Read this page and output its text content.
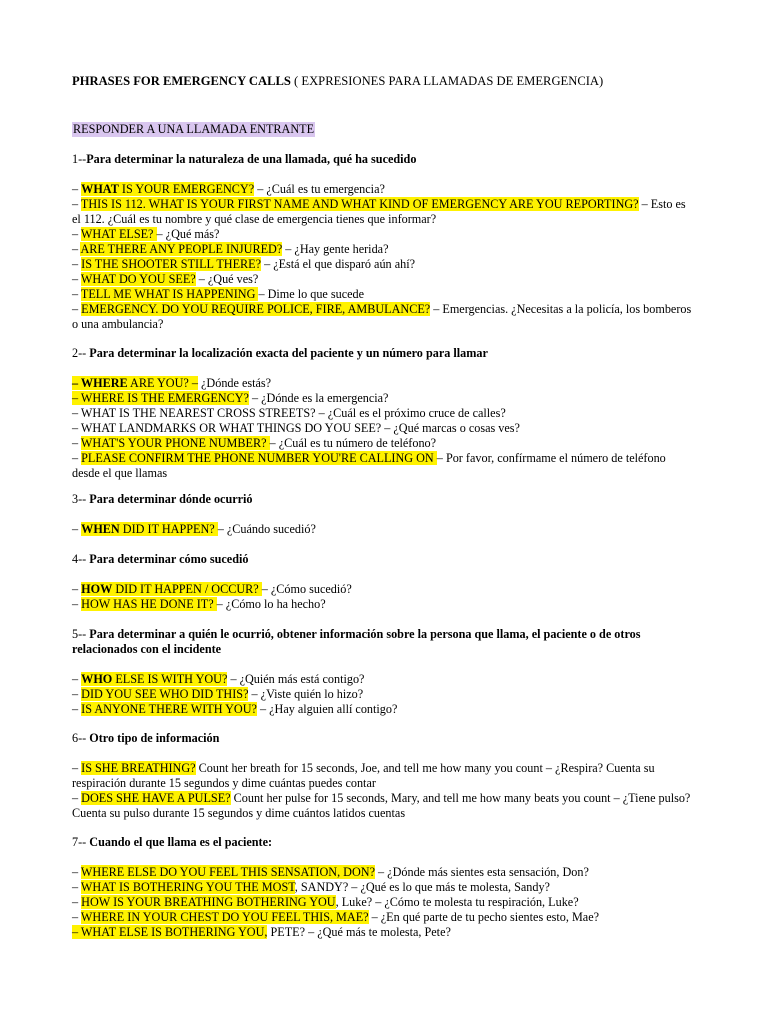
PHRASES FOR EMERGENCY CALLS ( EXPRESIONES PARA LLAMADAS DE EMERGENCIA)
RESPONDER A UNA LLAMADA ENTRANTE
1--Para determinar la naturaleza de una llamada, qué ha sucedido
– WHAT IS YOUR EMERGENCY? – ¿Cuál es tu emergencia?
– THIS IS 112. WHAT IS YOUR FIRST NAME AND WHAT KIND OF EMERGENCY ARE YOU REPORTING? – Esto es el 112. ¿Cuál es tu nombre y qué clase de emergencia tienes que informar?
– WHAT ELSE? – ¿Qué más?
– ARE THERE ANY PEOPLE INJURED? – ¿Hay gente herida?
– IS THE SHOOTER STILL THERE? – ¿Está el que disparó aún ahí?
– WHAT DO YOU SEE? – ¿Qué ves?
– TELL ME WHAT IS HAPPENING – Dime lo que sucede
– EMERGENCY. DO YOU REQUIRE POLICE, FIRE, AMBULANCE? – Emergencias. ¿Necesitas a la policía, los bomberos o una ambulancia?
2-- Para determinar la localización exacta del paciente y un número para llamar
– WHERE ARE YOU? – ¿Dónde estás?
– WHERE IS THE EMERGENCY? – ¿Dónde es la emergencia?
– WHAT IS THE NEAREST CROSS STREETS? – ¿Cuál es el próximo cruce de calles?
– WHAT LANDMARKS OR WHAT THINGS DO YOU SEE? – ¿Qué marcas o cosas ves?
– WHAT'S YOUR PHONE NUMBER? – ¿Cuál es tu número de teléfono?
– PLEASE CONFIRM THE PHONE NUMBER YOU'RE CALLING ON – Por favor, confírmame el número de teléfono desde el que llamas
3-- Para determinar dónde ocurrió
– WHEN DID IT HAPPEN? – ¿Cuándo sucedió?
4-- Para determinar cómo sucedió
– HOW DID IT HAPPEN / OCCUR? – ¿Cómo sucedió?
– HOW HAS HE DONE IT? – ¿Cómo lo ha hecho?
5-- Para determinar a quién le ocurrió, obtener información sobre la persona que llama, el paciente o de otros relacionados con el incidente
– WHO ELSE IS WITH YOU? – ¿Quién más está contigo?
– DID YOU SEE WHO DID THIS? – ¿Viste quién lo hizo?
– IS ANYONE THERE WITH YOU? – ¿Hay alguien allí contigo?
6-- Otro tipo de información
– IS SHE BREATHING? Count her breath for 15 seconds, Joe, and tell me how many you count – ¿Respira? Cuenta su respiración durante 15 segundos y dime cuántas puedes contar
– DOES SHE HAVE A PULSE? Count her pulse for 15 seconds, Mary, and tell me how many beats you count – ¿Tiene pulso? Cuenta su pulso durante 15 segundos y dime cuántos latidos cuentas
7-- Cuando el que llama es el paciente:
– WHERE ELSE DO YOU FEEL THIS SENSATION, DON? – ¿Dónde más sientes esta sensación, Don?
– WHAT IS BOTHERING YOU THE MOST, SANDY? – ¿Qué es lo que más te molesta, Sandy?
– HOW IS YOUR BREATHING BOTHERING YOU, Luke? – ¿Cómo te molesta tu respiración, Luke?
– WHERE IN YOUR CHEST DO YOU FEEL THIS, MAE? – ¿En qué parte de tu pecho sientes esto, Mae?
– WHAT ELSE IS BOTHERING YOU, PETE? – ¿Qué más te molesta, Pete?
